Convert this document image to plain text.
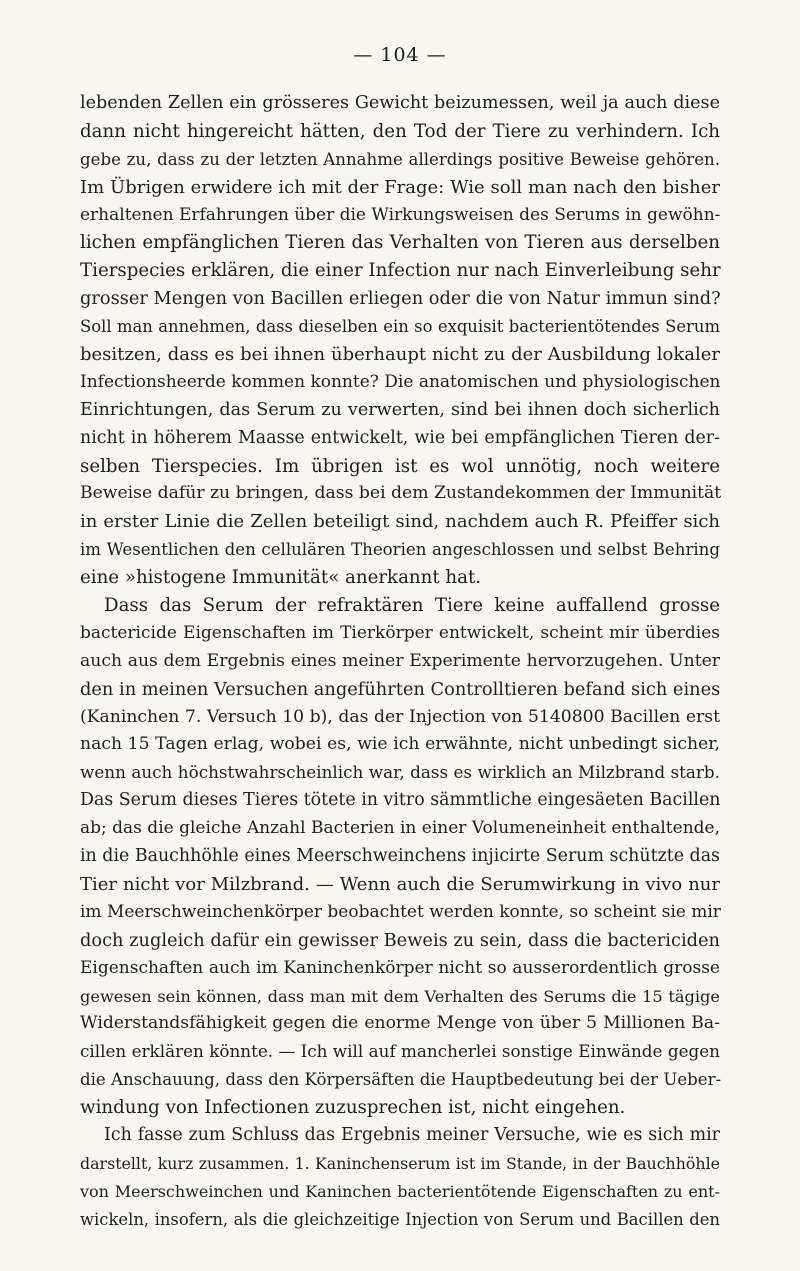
— 104 —
lebenden Zellen ein grösseres Gewicht beizumessen, weil ja auch diese
dann nicht hingereicht hätten, den Tod der Tiere zu verhindern. Ich
gebe zu, dass zu der letzten Annahme allerdings positive Beweise gehören.
Im Übrigen erwidere ich mit der Frage: Wie soll man nach den bisher
erhaltenen Erfahrungen über die Wirkungsweisen des Serums in gewöhn-
lichen empfänglichen Tieren das Verhalten von Tieren aus derselben
Tierspecies erklären, die einer Infection nur nach Einverleibung sehr
grosser Mengen von Bacillen erliegen oder die von Natur immun sind?
Soll man annehmen, dass dieselben ein so exquisit bacterientötendes Serum
besitzen, dass es bei ihnen überhaupt nicht zu der Ausbildung lokaler
Infectionsheerde kommen konnte? Die anatomischen und physiologischen
Einrichtungen, das Serum zu verwerten, sind bei ihnen doch sicherlich
nicht in höherem Maasse entwickelt, wie bei empfänglichen Tieren der-
selben Tierspecies. Im übrigen ist es wol unnötig, noch weitere
Beweise dafür zu bringen, dass bei dem Zustandekommen der Immunität
in erster Linie die Zellen beteiligt sind, nachdem auch R. Pfeiffer sich
im Wesentlichen den cellulären Theorien angeschlossen und selbst Behring
eine »histogene Immunität« anerkannt hat.
Dass das Serum der refraktären Tiere keine auffallend grosse
bactericide Eigenschaften im Tierkörper entwickelt, scheint mir überdies
auch aus dem Ergebnis eines meiner Experimente hervorzugehen. Unter
den in meinen Versuchen angeführten Controlltieren befand sich eines
(Kaninchen 7. Versuch 10 b), das der Injection von 5140800 Bacillen erst
nach 15 Tagen erlag, wobei es, wie ich erwähnte, nicht unbedingt sicher,
wenn auch höchstwahrscheinlich war, dass es wirklich an Milzbrand starb.
Das Serum dieses Tieres tötete in vitro sämmtliche eingesäeten Bacillen
ab; das die gleiche Anzahl Bacterien in einer Volumeneinheit enthaltende,
in die Bauchhöhle eines Meerschweinchens injicirte Serum schützte das
Tier nicht vor Milzbrand. — Wenn auch die Serumwirkung in vivo nur
im Meerschweinchenkörper beobachtet werden konnte, so scheint sie mir
doch zugleich dafür ein gewisser Beweis zu sein, dass die bactericiden
Eigenschaften auch im Kaninchenkörper nicht so ausserordentlich grosse
gewesen sein können, dass man mit dem Verhalten des Serums die 15 tägige
Widerstandsfähigkeit gegen die enorme Menge von über 5 Millionen Ba-
cillen erklären könnte. — Ich will auf mancherlei sonstige Einwände gegen
die Anschauung, dass den Körpersäften die Hauptbedeutung bei der Ueber-
windung von Infectionen zuzusprechen ist, nicht eingehen.
Ich fasse zum Schluss das Ergebnis meiner Versuche, wie es sich mir
darstellt, kurz zusammen. 1. Kaninchenserum ist im Stande, in der Bauchhöhle
von Meerschweinchen und Kaninchen bacterientötende Eigenschaften zu ent-
wickeln, insofern, als die gleichzeitige Injection von Serum und Bacillen den
